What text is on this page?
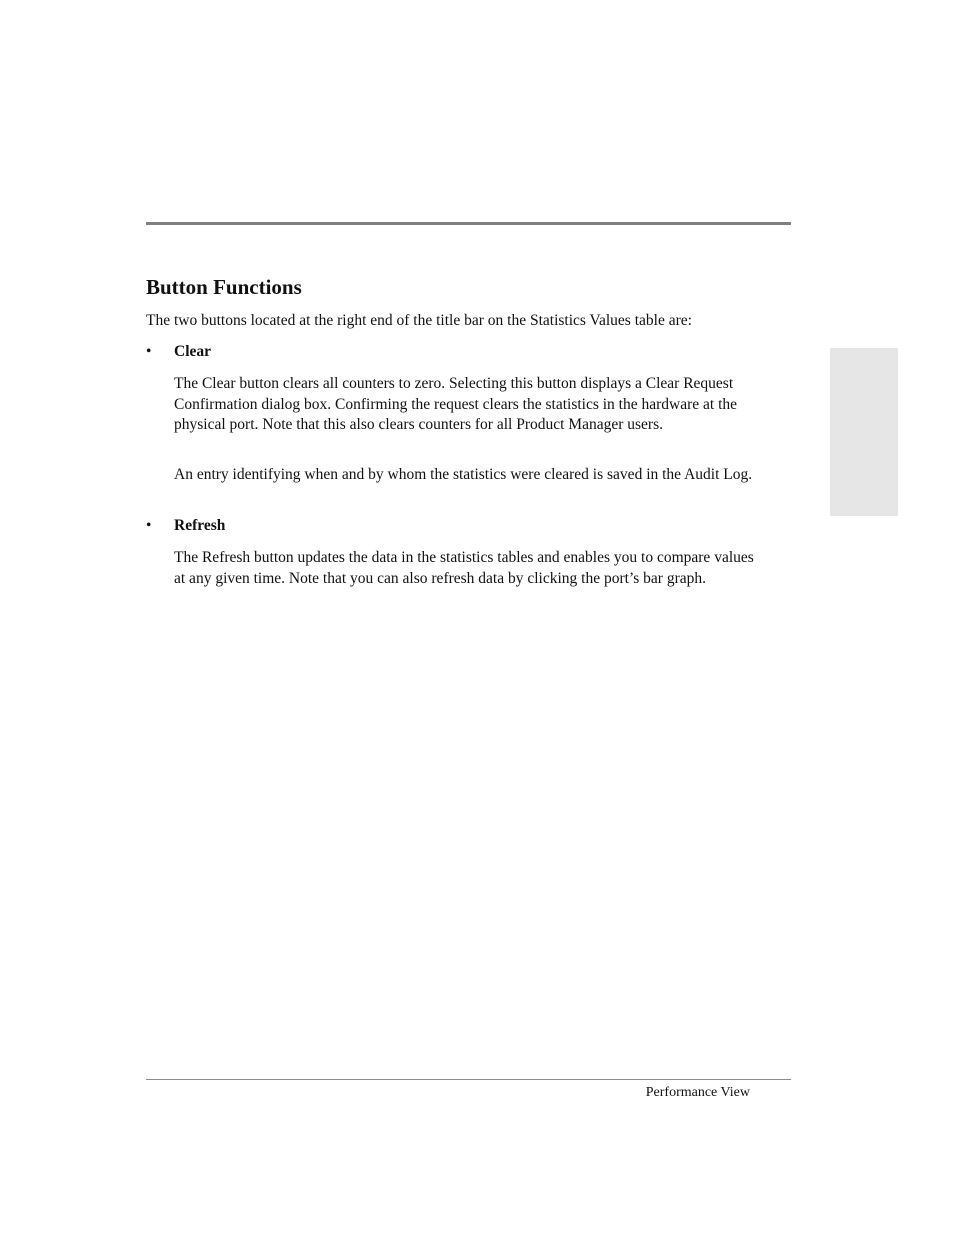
Button Functions

The two buttons located at the right end of the title bar on the Statistics Values table are:

• Clear

The Clear button clears all counters to zero. Selecting this button displays a Clear Request Confirmation dialog box. Confirming the request clears the statistics in the hardware at the physical port. Note that this also clears counters for all Product Manager users.

An entry identifying when and by whom the statistics were cleared is saved in the Audit Log.

• Refresh

The Refresh button updates the data in the statistics tables and enables you to compare values at any given time. Note that you can also refresh data by clicking the port’s bar graph.

Performance View
